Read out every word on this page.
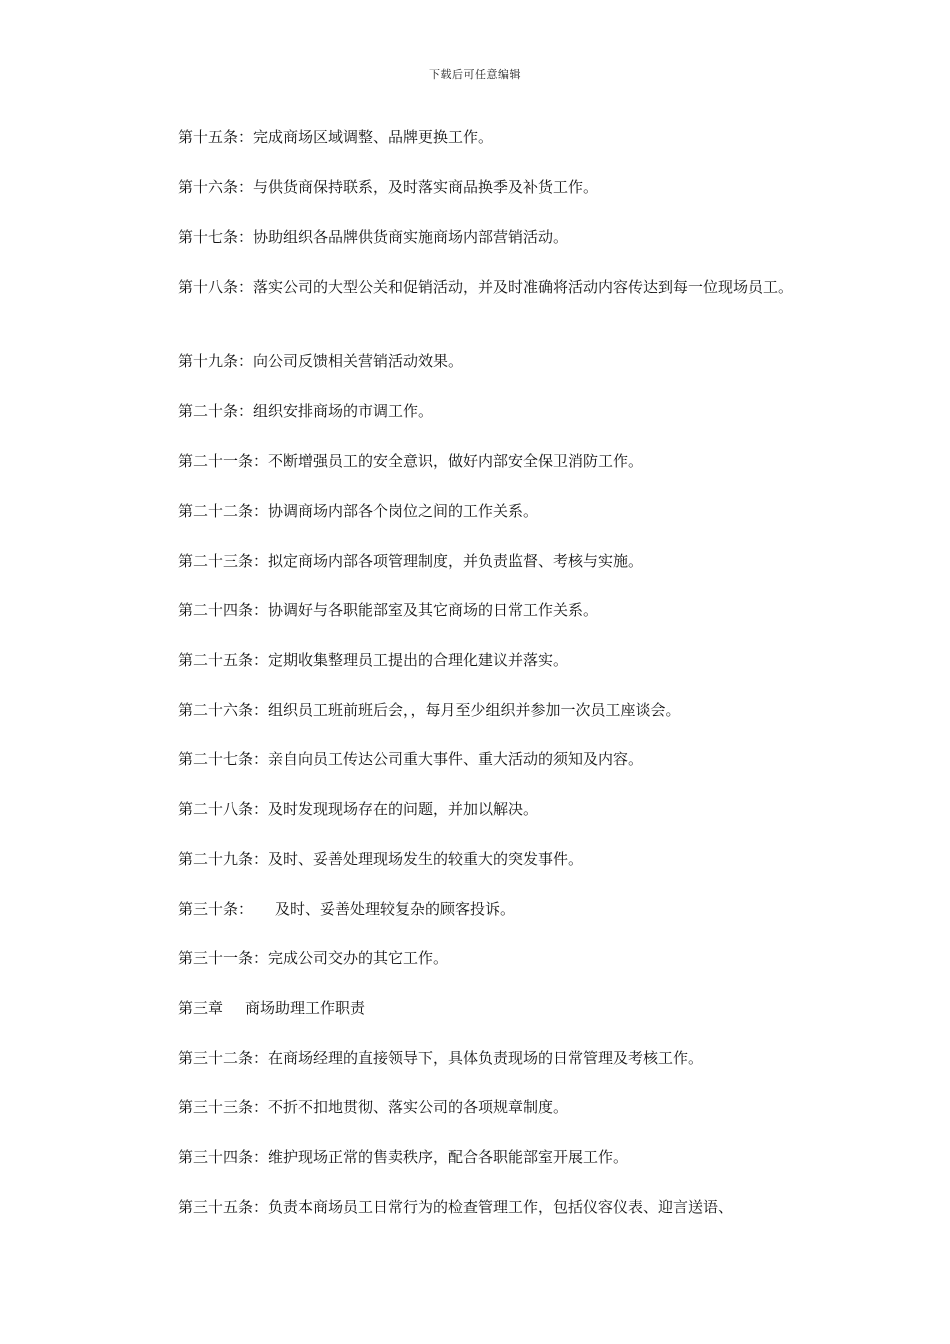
下载后可任意编辑
第十五条：完成商场区域调整、品牌更换工作。
第十六条：与供货商保持联系，及时落实商品换季及补货工作。
第十七条：协助组织各品牌供货商实施商场内部营销活动。
第十八条：落实公司的大型公关和促销活动，并及时准确将活动内容传达到每一位现场员工。
第十九条：向公司反馈相关营销活动效果。
第二十条：组织安排商场的市调工作。
第二十一条：不断增强员工的安全意识，做好内部安全保卫消防工作。
第二十二条：协调商场内部各个岗位之间的工作关系。
第二十三条：拟定商场内部各项管理制度，并负责监督、考核与实施。
第二十四条：协调好与各职能部室及其它商场的日常工作关系。
第二十五条：定期收集整理员工提出的合理化建议并落实。
第二十六条：组织员工班前班后会，，每月至少组织并参加一次员工座谈会。
第二十七条：亲自向员工传达公司重大事件、重大活动的须知及内容。
第二十八条：及时发现现场存在的问题，并加以解决。
第二十九条：及时、妥善处理现场发生的较重大的突发事件。
第三十条： 及时、妥善处理较复杂的顾客投诉。
第三十一条：完成公司交办的其它工作。
第三章 商场助理工作职责
第三十二条：在商场经理的直接领导下，具体负责现场的日常管理及考核工作。
第三十三条：不折不扣地贯彻、落实公司的各项规章制度。
第三十四条：维护现场正常的售卖秩序，配合各职能部室开展工作。
第三十五条：负责本商场员工日常行为的检查管理工作，包括仪容仪表、迎言送语、
